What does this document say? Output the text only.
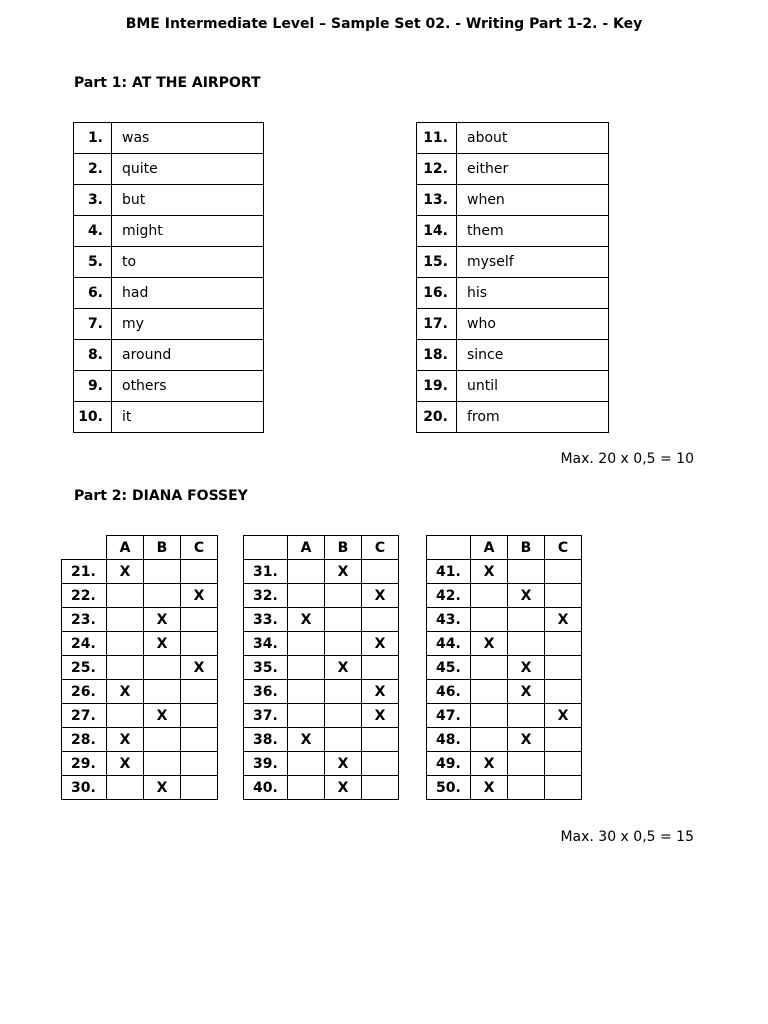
BME Intermediate Level – Sample Set 02. - Writing Part 1-2. - Key
Part 1: AT THE AIRPORT
1.	was
2.	quite
3.	but
4.	might
5.	to
6.	had
7.	my
8.	around
9.	others
10.	it
11.	about
12.	either
13.	when
14.	them
15.	myself
16.	his
17.	who
18.	since
19.	until
20.	from
Max. 20 x 0,5 = 10
Part 2: DIANA FOSSEY
	A	B	C
21.	X		
22.			X
23.		X	
24.		X	
25.			X
26.	X		
27.		X	
28.	X		
29.	X		
30.		X	
	A	B	C
31.		X	
32.			X
33.	X		
34.			X
35.		X	
36.			X
37.			X
38.	X		
39.		X	
40.		X	
	A	B	C
41.	X		
42.		X	
43.			X
44.	X		
45.		X	
46.		X	
47.			X
48.		X	
49.	X		
50.	X		
Max. 30 x 0,5 = 15
